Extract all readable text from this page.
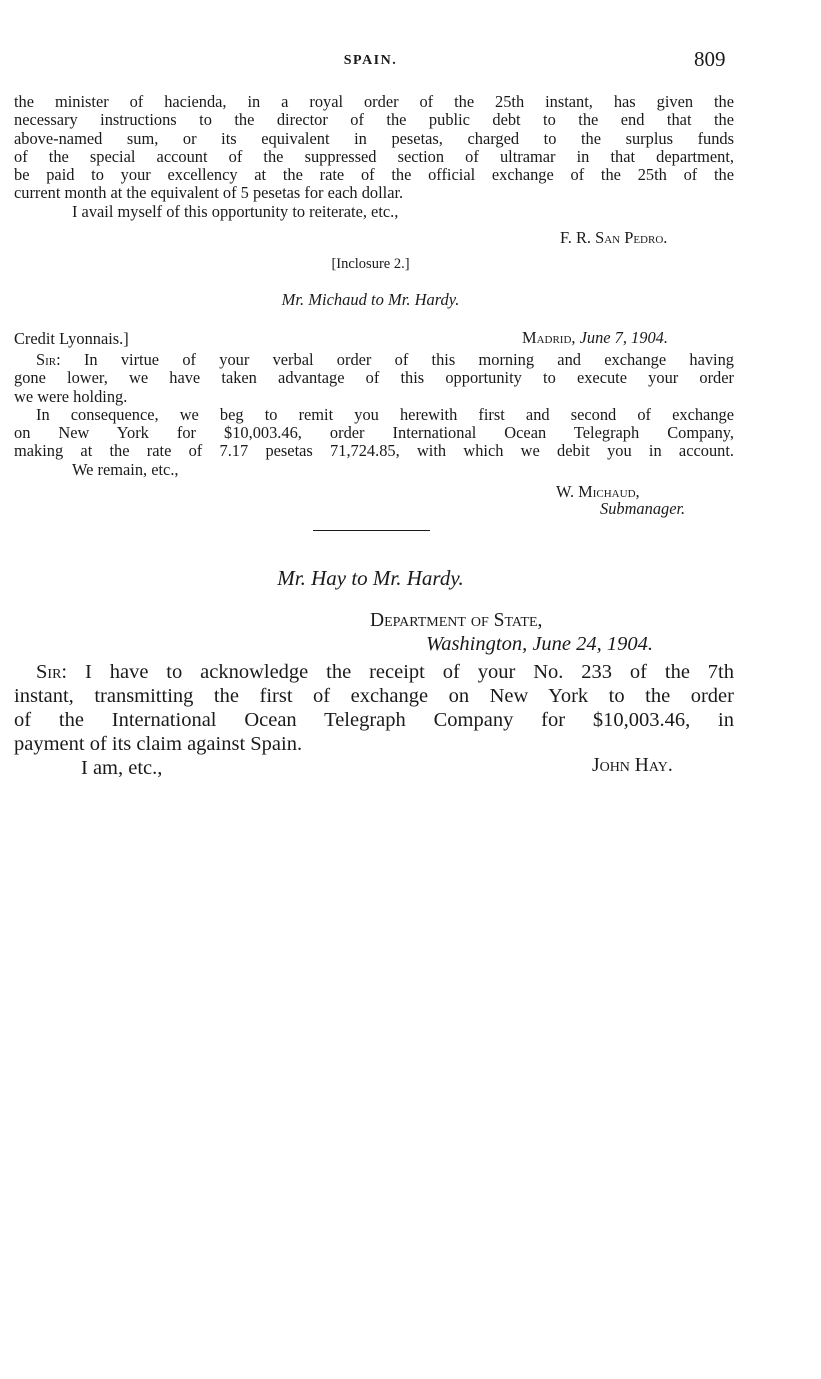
SPAIN.	809
the minister of hacienda, in a royal order of the 25th instant, has given the
necessary instructions to the director of the public debt to the end that the
above-named sum, or its equivalent in pesetas, charged to the surplus funds
of the special account of the suppressed section of ultramar in that department,
be paid to your excellency at the rate of the official exchange of the 25th of the
current month at the equivalent of 5 pesetas for each dollar.
I avail myself of this opportunity to reiterate, etc.,
F. R. San Pedro.
[Inclosure 2.]
Mr. Michaud to Mr. Hardy.
Credit Lyonnais.]	Madrid, June 7, 1904.
Sir: In virtue of your verbal order of this morning and exchange having
gone lower, we have taken advantage of this opportunity to execute your order
we were holding.
In consequence, we beg to remit you herewith first and second of exchange
on New York for $10,003.46, order International Ocean Telegraph Company,
making at the rate of 7.17 pesetas 71,724.85, with which we debit you in account.
We remain, etc.,
W. Michaud,
Submanager.
Mr. Hay to Mr. Hardy.
Department of State,
Washington, June 24, 1904.
Sir: I have to acknowledge the receipt of your No. 233 of the 7th
instant, transmitting the first of exchange on New York to the order
of the International Ocean Telegraph Company for $10,003.46, in
payment of its claim against Spain.
I am, etc.,	John Hay.
